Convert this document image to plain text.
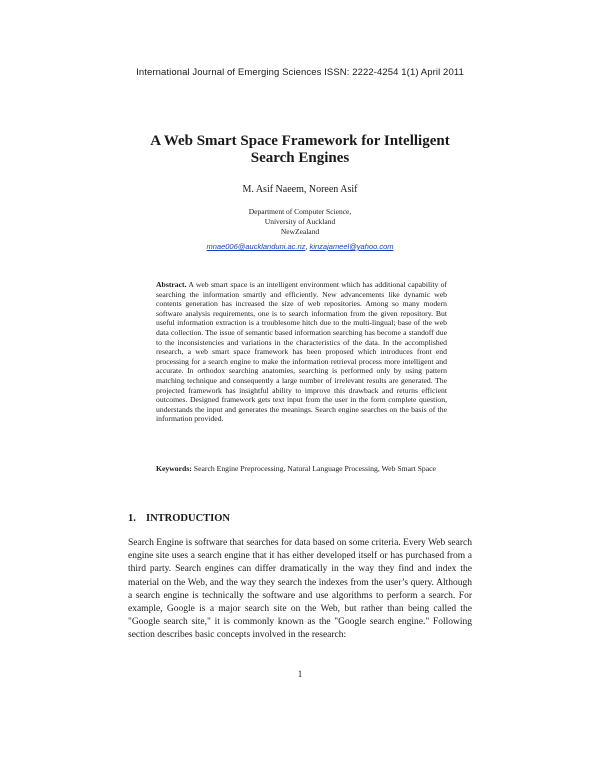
International Journal of Emerging Sciences ISSN: 2222-4254 1(1) April 2011
A Web Smart Space Framework for Intelligent
Search Engines
M. Asif Naeem, Noreen Asif
Department of Computer Science,
University of Auckland
NewZealand
mnae006@aucklanduni.ac.nz, kinzajameel@yahoo.com
Abstract. A web smart space is an intelligent environment which has additional capability of searching the information smartly and efficiently. New advancements like dynamic web contents generation has increased the size of web repositories. Among so many modern software analysis requirements, one is to search information from the given repository. But useful information extraction is a troublesome hitch due to the multi-lingual; base of the web data collection. The issue of semantic based information searching has become a standoff due to the inconsistencies and variations in the characteristics of the data. In the accomplished research, a web smart space framework has been proposed which introduces front end processing for a search engine to make the information retrieval process more intelligent and accurate. In orthodox searching anatomies, searching is performed only by using pattern matching technique and consequently a large number of irrelevant results are generated. The projected framework has insightful ability to improve this drawback and returns efficient outcomes. Designed framework gets text input from the user in the form complete question, understands the input and generates the meanings. Search engine searches on the basis of the information provided.
Keywords: Search Engine Preprocessing, Natural Language Processing, Web Smart Space
1. INTRODUCTION
Search Engine is software that searches for data based on some criteria. Every Web search engine site uses a search engine that it has either developed itself or has purchased from a third party. Search engines can differ dramatically in the way they find and index the material on the Web, and the way they search the indexes from the user’s query. Although a search engine is technically the software and use algorithms to perform a search. For example, Google is a major search site on the Web, but rather than being called the "Google search site," it is commonly known as the "Google search engine." Following section describes basic concepts involved in the research:
1
